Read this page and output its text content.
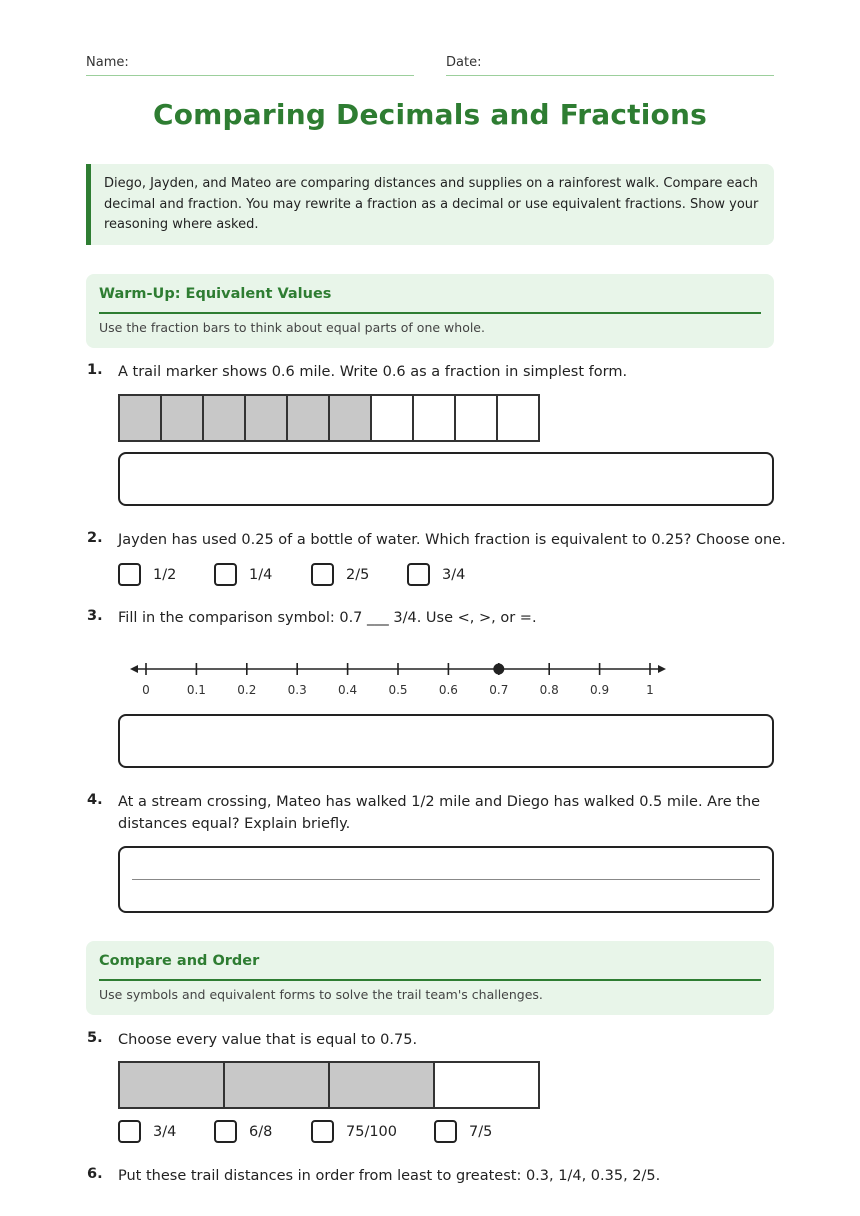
Name:	Date:
Comparing Decimals and Fractions
Diego, Jayden, and Mateo are comparing distances and supplies on a rainforest walk. Compare each decimal and fraction. You may rewrite a fraction as a decimal or use equivalent fractions. Show your reasoning where asked.
Warm-Up: Equivalent Values
Use the fraction bars to think about equal parts of one whole.
1. A trail marker shows 0.6 mile. Write 0.6 as a fraction in simplest form.
2. Jayden has used 0.25 of a bottle of water. Which fraction is equivalent to 0.25? Choose one.
1/2	1/4	2/5	3/4
3. Fill in the comparison symbol: 0.7 ___ 3/4. Use <, >, or =.
0	0.1	0.2	0.3	0.4	0.5	0.6	0.7	0.8	0.9	1
4. At a stream crossing, Mateo has walked 1/2 mile and Diego has walked 0.5 mile. Are the
distances equal? Explain briefly.
Compare and Order
Use symbols and equivalent forms to solve the trail team's challenges.
5. Choose every value that is equal to 0.75.
3/4	6/8	75/100	7/5
6. Put these trail distances in order from least to greatest: 0.3, 1/4, 0.35, 2/5.
